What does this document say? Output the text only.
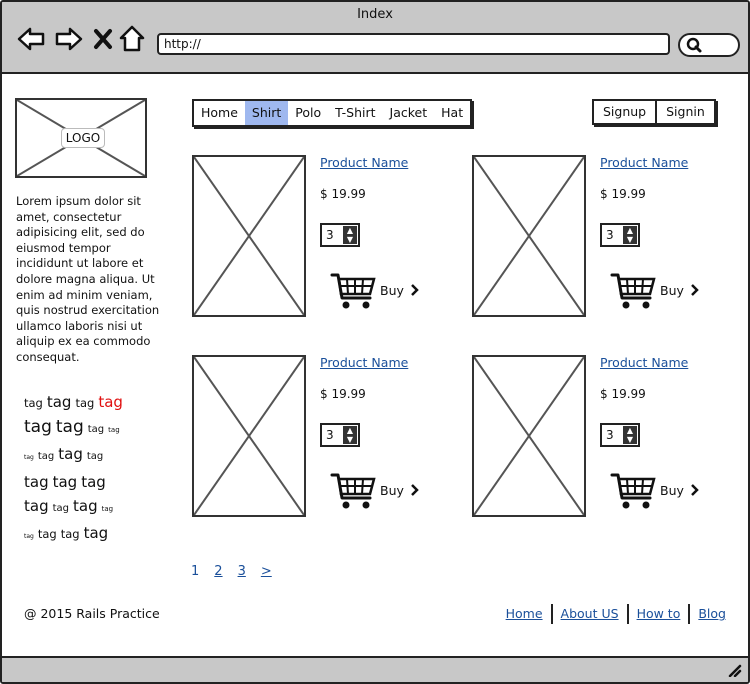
Index
http://
LOGO
Lorem ipsum dolor sit amet, consectetur adipisicing elit, sed do eiusmod tempor incididunt ut labore et dolore magna aliqua. Ut enim ad minim veniam, quis nostrud exercitation ullamco laboris nisi ut aliquip ex ea commodo consequat.
tag tag tag tag
tag tag tag tag
tag tag tag tag
tag tag tag
tag tag tag tag
tag tag tag tag
Home	Shirt	Polo	T-Shirt	Jacket	Hat	Signup	Signin
Product Name
$ 19.99
3	▲
▼
Buy
Product Name
$ 19.99
3	▲
▼
Buy
Product Name
$ 19.99
3	▲
▼
Buy
Product Name
$ 19.99
3	▲
▼
Buy
1 2 3 >
@ 2015 Rails Practice	Home	About US	How to	Blog
